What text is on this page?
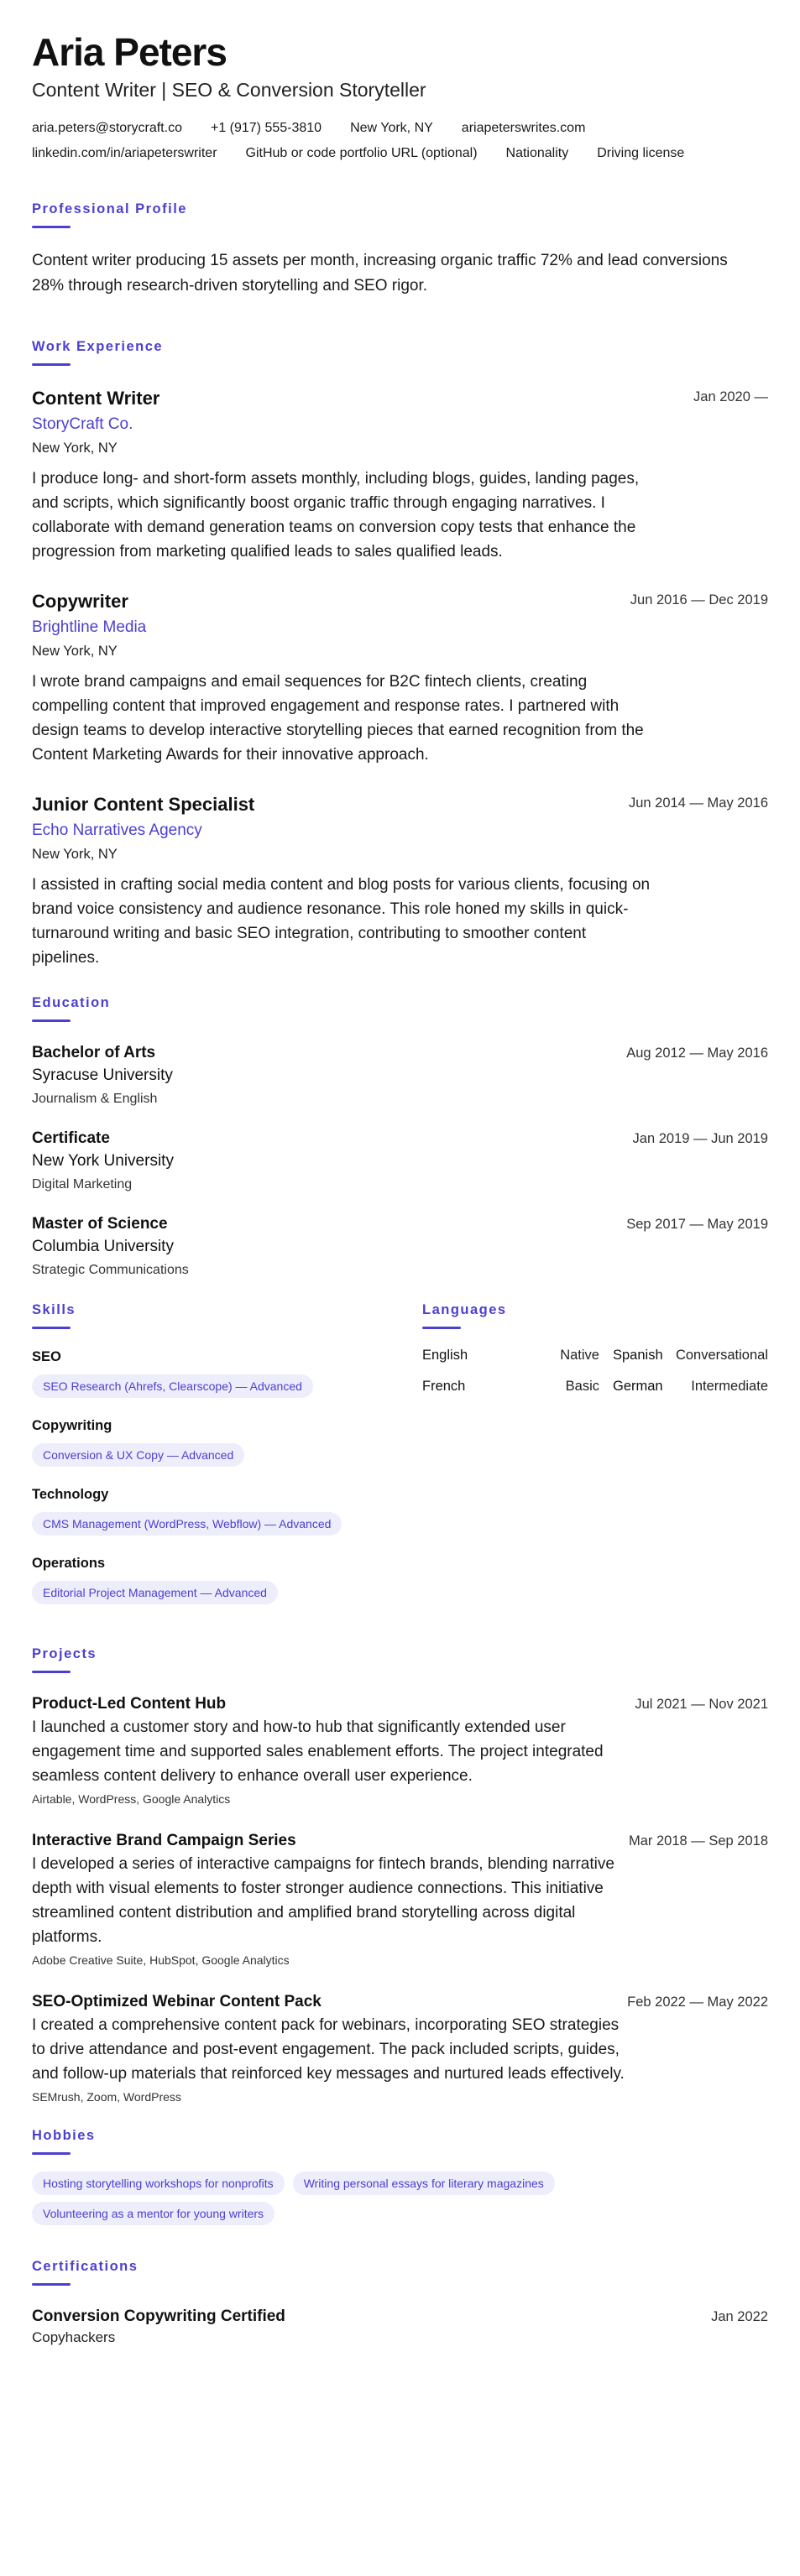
Aria Peters
Content Writer | SEO & Conversion Storyteller
aria.peters@storycraft.co +1 (917) 555-3810 New York, NY ariapeterswrites.com
linkedin.com/in/ariapeterswriter GitHub or code portfolio URL (optional) Nationality Driving license
Professional Profile
Content writer producing 15 assets per month, increasing organic traffic 72% and lead conversions 28% through research-driven storytelling and SEO rigor.
Work Experience
Content Writer	Jan 2020 —
StoryCraft Co.
New York, NY
I produce long- and short-form assets monthly, including blogs, guides, landing pages, and scripts, which significantly boost organic traffic through engaging narratives. I collaborate with demand generation teams on conversion copy tests that enhance the progression from marketing qualified leads to sales qualified leads.
Copywriter	Jun 2016 — Dec 2019
Brightline Media
New York, NY
I wrote brand campaigns and email sequences for B2C fintech clients, creating compelling content that improved engagement and response rates. I partnered with design teams to develop interactive storytelling pieces that earned recognition from the Content Marketing Awards for their innovative approach.
Junior Content Specialist	Jun 2014 — May 2016
Echo Narratives Agency
New York, NY
I assisted in crafting social media content and blog posts for various clients, focusing on brand voice consistency and audience resonance. This role honed my skills in quick-turnaround writing and basic SEO integration, contributing to smoother content pipelines.
Education
Bachelor of Arts	Aug 2012 — May 2016
Syracuse University
Journalism & English
Certificate	Jan 2019 — Jun 2019
New York University
Digital Marketing
Master of Science	Sep 2017 — May 2019
Columbia University
Strategic Communications
Skills
SEO
SEO Research (Ahrefs, Clearscope) — Advanced
Copywriting
Conversion & UX Copy — Advanced
Technology
CMS Management (WordPress, Webflow) — Advanced
Operations
Editorial Project Management — Advanced
Languages
English	Native Spanish Conversational
French	Basic German	Intermediate
Projects
Product-Led Content Hub	Jul 2021 — Nov 2021
I launched a customer story and how-to hub that significantly extended user engagement time and supported sales enablement efforts. The project integrated seamless content delivery to enhance overall user experience.
Airtable, WordPress, Google Analytics
Interactive Brand Campaign Series	Mar 2018 — Sep 2018
I developed a series of interactive campaigns for fintech brands, blending narrative depth with visual elements to foster stronger audience connections. This initiative streamlined content distribution and amplified brand storytelling across digital platforms.
Adobe Creative Suite, HubSpot, Google Analytics
SEO-Optimized Webinar Content Pack	Feb 2022 — May 2022
I created a comprehensive content pack for webinars, incorporating SEO strategies to drive attendance and post-event engagement. The pack included scripts, guides, and follow-up materials that reinforced key messages and nurtured leads effectively.
SEMrush, Zoom, WordPress
Hobbies
Hosting storytelling workshops for nonprofits	Writing personal essays for literary magazines
Volunteering as a mentor for young writers
Certifications
Conversion Copywriting Certified	Jan 2022
Copyhackers
